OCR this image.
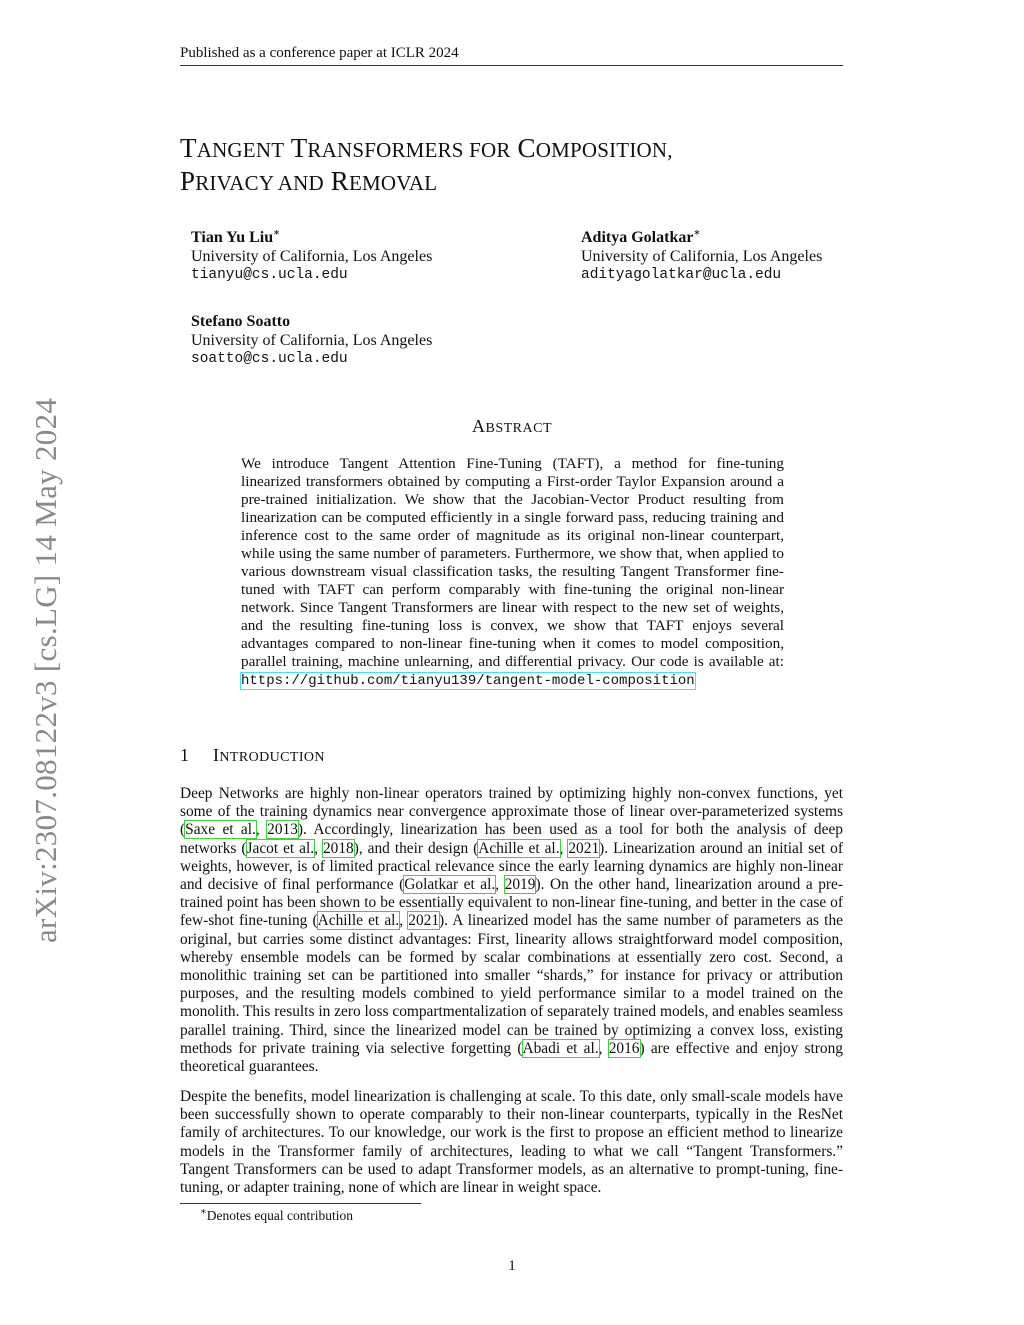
Published as a conference paper at ICLR 2024
arXiv:2307.08122v3 [cs.LG] 14 May 2024
TANGENT TRANSFORMERS FOR COMPOSITION,
PRIVACY AND REMOVAL
Tian Yu Liu∗
University of California, Los Angeles
tianyu@cs.ucla.edu
Aditya Golatkar∗
University of California, Los Angeles
adityagolatkar@ucla.edu
Stefano Soatto
University of California, Los Angeles
soatto@cs.ucla.edu
ABSTRACT
We introduce Tangent Attention Fine-Tuning (TAFT), a method for fine-tuning linearized transformers obtained by computing a First-order Taylor Expansion around a pre-trained initialization. We show that the Jacobian-Vector Product resulting from linearization can be computed efficiently in a single forward pass, reducing training and inference cost to the same order of magnitude as its original non-linear counterpart, while using the same number of parameters. Furthermore, we show that, when applied to various downstream visual classification tasks, the resulting Tangent Transformer fine-tuned with TAFT can perform comparably with fine-tuning the original non-linear network. Since Tangent Transformers are linear with respect to the new set of weights, and the resulting fine-tuning loss is convex, we show that TAFT enjoys several advantages compared to non-linear fine-tuning when it comes to model composition, parallel training, machine unlearning, and differential privacy. Our code is available at: https://github.com/tianyu139/tangent-model-composition
1 INTRODUCTION
Deep Networks are highly non-linear operators trained by optimizing highly non-convex functions, yet some of the training dynamics near convergence approximate those of linear over-parameterized systems (Saxe et al., 2013). Accordingly, linearization has been used as a tool for both the analysis of deep networks (Jacot et al., 2018), and their design (Achille et al., 2021). Linearization around an initial set of weights, however, is of limited practical relevance since the early learning dynamics are highly non-linear and decisive of final performance (Golatkar et al., 2019). On the other hand, linearization around a pre-trained point has been shown to be essentially equivalent to non-linear fine-tuning, and better in the case of few-shot fine-tuning (Achille et al., 2021). A linearized model has the same number of parameters as the original, but carries some distinct advantages: First, linearity allows straightforward model composition, whereby ensemble models can be formed by scalar combinations at essentially zero cost. Second, a monolithic training set can be partitioned into smaller “shards,” for instance for privacy or attribution purposes, and the resulting models combined to yield performance similar to a model trained on the monolith. This results in zero loss compartmentalization of separately trained models, and enables seamless parallel training. Third, since the linearized model can be trained by optimizing a convex loss, existing methods for private training via selective forgetting (Abadi et al., 2016) are effective and enjoy strong theoretical guarantees.
Despite the benefits, model linearization is challenging at scale. To this date, only small-scale models have been successfully shown to operate comparably to their non-linear counterparts, typically in the ResNet family of architectures. To our knowledge, our work is the first to propose an efficient method to linearize models in the Transformer family of architectures, leading to what we call “Tangent Transformers.” Tangent Transformers can be used to adapt Transformer models, as an alternative to prompt-tuning, fine-tuning, or adapter training, none of which are linear in weight space.
∗Denotes equal contribution
1
